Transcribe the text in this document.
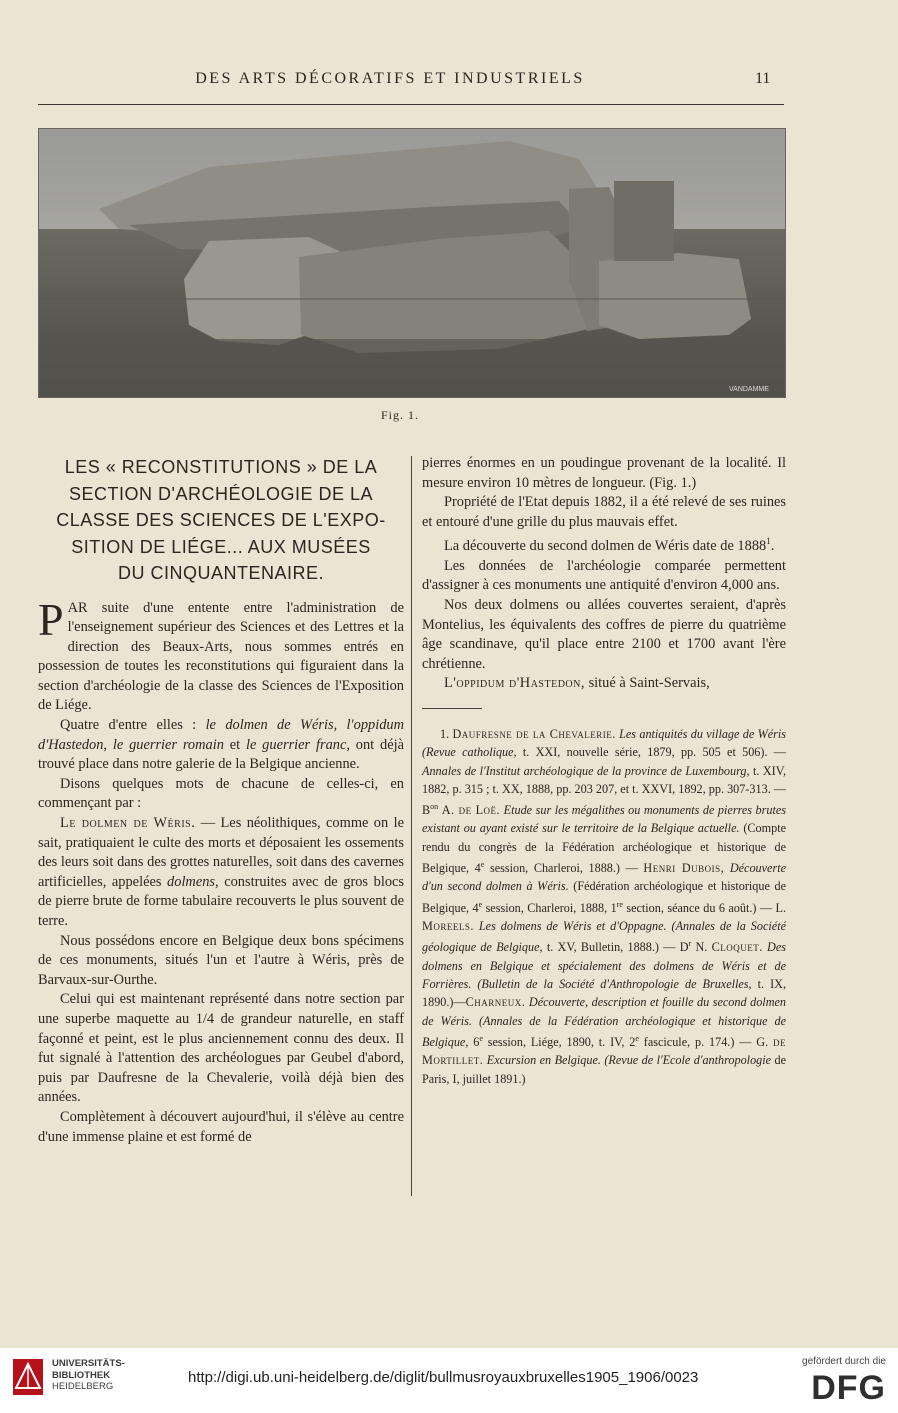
DES ARTS DÉCORATIFS ET INDUSTRIELS	11
VANDAMME
Fig. 1.
LES « RECONSTITUTIONS » DE LA
SECTION D'ARCHÉOLOGIE DE LA
CLASSE DES SCIENCES DE L'EXPO-
SITION DE LIÉGE... AUX MUSÉES
DU CINQUANTENAIRE.

PAR suite d'une entente entre l'administration de l'enseignement supérieur des Sciences et des Lettres et la direction des Beaux-Arts, nous sommes entrés en possession de toutes les reconstitutions qui figuraient dans la section d'archéologie de la classe des Sciences de l'Exposition de Liége.

Quatre d'entre elles : le dolmen de Wéris, l'oppidum d'Hastedon, le guerrier romain et le guerrier franc, ont déjà trouvé place dans notre galerie de la Belgique ancienne.

Disons quelques mots de chacune de celles-ci, en commençant par :

Le dolmen de Wéris. — Les néolithiques, comme on le sait, pratiquaient le culte des morts et déposaient les ossements des leurs soit dans des grottes naturelles, soit dans des cavernes artificielles, appelées dolmens, construites avec de gros blocs de pierre brute de forme tabulaire recouverts le plus souvent de terre.

Nous possédons encore en Belgique deux bons spécimens de ces monuments, situés l'un et l'autre à Wéris, près de Barvaux-sur-Ourthe.

Celui qui est maintenant représenté dans notre section par une superbe maquette au 1/4 de grandeur naturelle, en staff façonné et peint, est le plus anciennement connu des deux. Il fut signalé à l'attention des archéologues par Geubel d'abord, puis par Daufresne de la Chevalerie, voilà déjà bien des années.

Complètement à découvert aujourd'hui, il s'élève au centre d'une immense plaine et est formé de

pierres énormes en un poudingue provenant de la localité. Il mesure environ 10 mètres de longueur. (Fig. 1.)

Propriété de l'Etat depuis 1882, il a été relevé de ses ruines et entouré d'une grille du plus mauvais effet.

La découverte du second dolmen de Wéris date de 1888$^1$.

Les données de l'archéologie comparée permettent d'assigner à ces monuments une antiquité d'environ 4,000 ans.

Nos deux dolmens ou allées couvertes seraient, d'après Montelius, les équivalents des coffres de pierre du quatrième âge scandinave, qu'il place entre 2100 et 1700 avant l'ère chrétienne.

L'oppidum d'Hastedon, situé à Saint-Servais,

1. Daufresne de la Chevalerie. Les antiquités du village de Wéris (Revue catholique, t. XXI, nouvelle série, 1879, pp. 505 et 506). — Annales de l'Institut archéologique de la province de Luxembourg, t. XIV, 1882, p. 315 ; t. XX, 1888, pp. 203 207, et t. XXVI, 1892, pp. 307-313. — $B^{on}$ A. de Loë. Etude sur les mégalithes ou monuments de pierres brutes existant ou ayant existé sur le territoire de la Belgique actuelle. (Compte rendu du congrès de la Fédération archéologique et historique de Belgique, 4e session, Charleroi, 1888.) — Henri Dubois, Découverte d'un second dolmen à Wéris. (Fédération archéologique et historique de Belgique, 4e session, Charleroi, 1888, 1re section, séance du 6 août.) — L. Moreels. Les dolmens de Wéris et d'Oppagne. (Annales de la Société géologique de Belgique, t. XV, Bulletin, 1888.) — $D^r$ N. Cloquet. Des dolmens en Belgique et spécialement des dolmens de Wéris et de Forrières. (Bulletin de la Société d'Anthropologie de Bruxelles, t. IX, 1890.)—Charneux. Découverte, description et fouille du second dolmen de Wéris. (Annales de la Fédération archéologique et historique de Belgique, 6e session, Liége, 1890, t. IV, 2e fascicule, p. 174.) — G. de Mortillet. Excursion en Belgique. (Revue de l'Ecole d'anthropologie de Paris, I, juillet 1891.)

UNIVERSITÄTS-
BIBLIOTHEK
HEIDELBERG
http://digi.ub.uni-heidelberg.de/diglit/bullmusroyauxbruxelles1905_1906/0023
gefördert durch die
DFG
